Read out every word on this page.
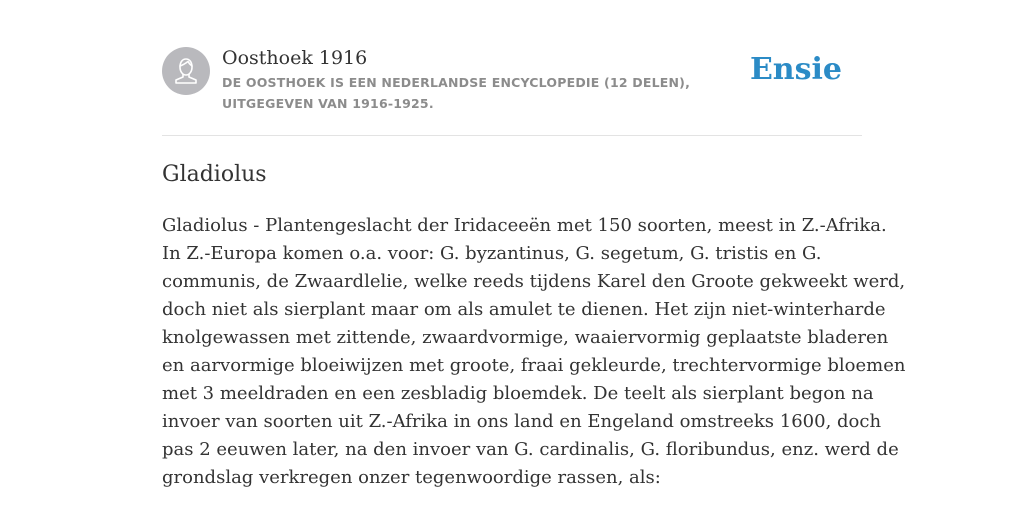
Oosthoek 1916
DE OOSTHOEK IS EEN NEDERLANDSE ENCYCLOPEDIE (12 DELEN), UITGEGEVEN VAN 1916-1925.
Ensie
Gladiolus
Gladiolus - Plantengeslacht der Iridaceeën met 150 soorten, meest in Z.-Afrika.
In Z.-Europa komen o.a. voor: G. byzantinus, G. segetum, G. tristis en G.
communis, de Zwaardlelie, welke reeds tijdens Karel den Groote gekweekt werd,
doch niet als sierplant maar om als amulet te dienen. Het zijn niet-winterharde
knolgewassen met zittende, zwaardvormige, waaiervormig geplaatste bladeren
en aarvormige bloeiwijzen met groote, fraai gekleurde, trechtervormige bloemen
met 3 meeldraden en een zesbladig bloemdek. De teelt als sierplant begon na
invoer van soorten uit Z.-Afrika in ons land en Engeland omstreeks 1600, doch
pas 2 eeuwen later, na den invoer van G. cardinalis, G. floribundus, enz. werd de
grondslag verkregen onzer tegenwoordige rassen, als:
